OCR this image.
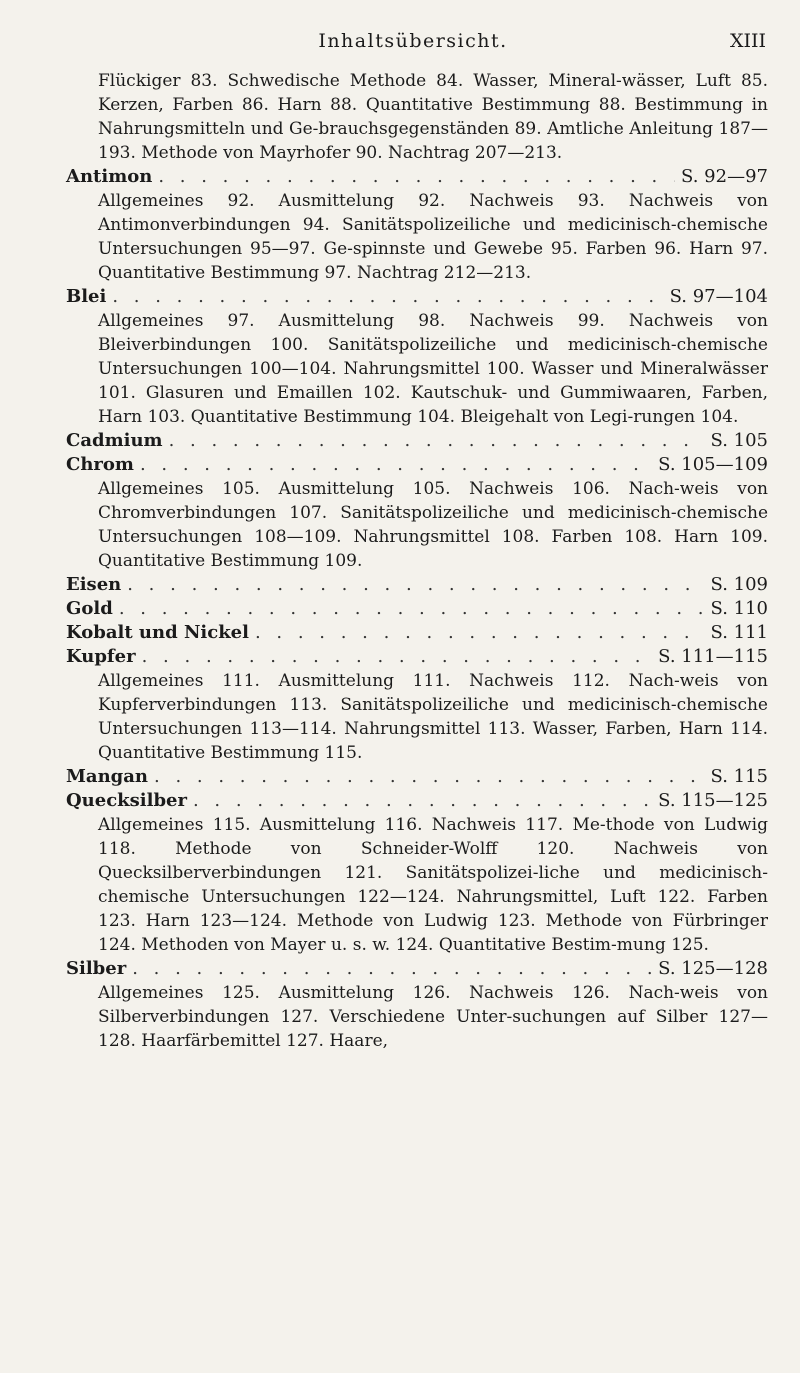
Inhaltsübersicht.	XIII

Flückiger 83. Schwedische Methode 84. Wasser, Mineral-wässer, Luft 85. Kerzen, Farben 86. Harn 88. Quantitative Bestimmung 88. Bestimmung in Nahrungsmitteln und Ge-brauchsgegenständen 89. Amtliche Anleitung 187—193. Methode von Mayrhofer 90. Nachtrag 207—213.

Antimon . . .	S. 92—97
Allgemeines 92. Ausmittelung 92. Nachweis 93. Nachweis von Antimonverbindungen 94. Sanitätspolizeiliche und medicinisch-chemische Untersuchungen 95—97. Ge-spinnste und Gewebe 95. Farben 96. Harn 97. Quantitative Bestimmung 97. Nachtrag 212—213.
Blei . . .	S. 97—104
Allgemeines 97. Ausmittelung 98. Nachweis 99. Nachweis von Bleiverbindungen 100. Sanitätspolizeiliche und medicinisch-chemische Untersuchungen 100—104. Nahrungsmittel 100. Wasser und Mineralwässer 101. Glasuren und Emaillen 102. Kautschuk- und Gummiwaaren, Farben, Harn 103. Quantitative Bestimmung 104. Bleigehalt von Legi-rungen 104.
Cadmium . . .	S. 105
Chrom . . .	S. 105—109
Allgemeines 105. Ausmittelung 105. Nachweis 106. Nach-weis von Chromverbindungen 107. Sanitätspolizeiliche und medicinisch-chemische Untersuchungen 108—109. Nahrungsmittel 108. Farben 108. Harn 109. Quantitative Bestimmung 109.
Eisen . . .	S. 109
Gold . . .	S. 110
Kobalt und Nickel . . .	S. 111
Kupfer . . .	S. 111—115
Allgemeines 111. Ausmittelung 111. Nachweis 112. Nach-weis von Kupferverbindungen 113. Sanitätspolizeiliche und medicinisch-chemische Untersuchungen 113—114. Nahrungsmittel 113. Wasser, Farben, Harn 114. Quantitative Bestimmung 115.
Mangan . . .	S. 115
Quecksilber . . .	S. 115—125
Allgemeines 115. Ausmittelung 116. Nachweis 117. Me-thode von Ludwig 118. Methode von Schneider-Wolff 120. Nachweis von Quecksilberverbindungen 121. Sanitätspolizei-liche und medicinisch-chemische Untersuchungen 122—124. Nahrungsmittel, Luft 122. Farben 123. Harn 123—124. Methode von Ludwig 123. Methode von Fürbringer 124. Methoden von Mayer u. s. w. 124. Quantitative Bestim-mung 125.
Silber . . .	S. 125—128
Allgemeines 125. Ausmittelung 126. Nachweis 126. Nach-weis von Silberverbindungen 127. Verschiedene Unter-suchungen auf Silber 127—128. Haarfärbemittel 127. Haare,
